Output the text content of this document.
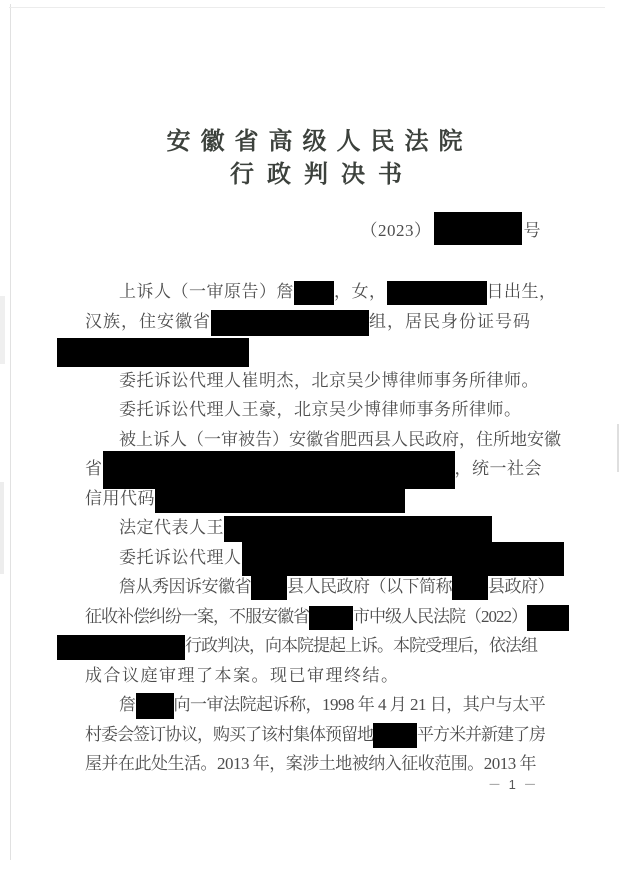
安徽省高级人民法院
行政判决书
（2023）	号
上诉人（一审原告）詹 ，女，	日出生，
汉族，住安徽省	组，居民身份证号码
委托诉讼代理人崔明杰，北京吴少博律师事务所律师。
委托诉讼代理人王豪，北京吴少博律师事务所律师。
被上诉人（一审被告）安徽省肥西县人民政府，住所地安徽
省	，统一社会
信用代码
法定代表人王
委托诉讼代理人
詹从秀因诉安徽省 县人民政府（以下简称 县政府）
征收补偿纠纷一案，不服安徽省	市中级人民法院（2022）
行政判决，向本院提起上诉。本院受理后，依法组
成合议庭审理了本案。现已审理终结。
詹 向一审法院起诉称，1998 年 4 月 21 日，其户与太平
村委会签订协议，购买了该村集体预留地	平方米并新建了房
屋并在此处生活。2013 年，案涉土地被纳入征收范围。2013 年
－ 1 －
